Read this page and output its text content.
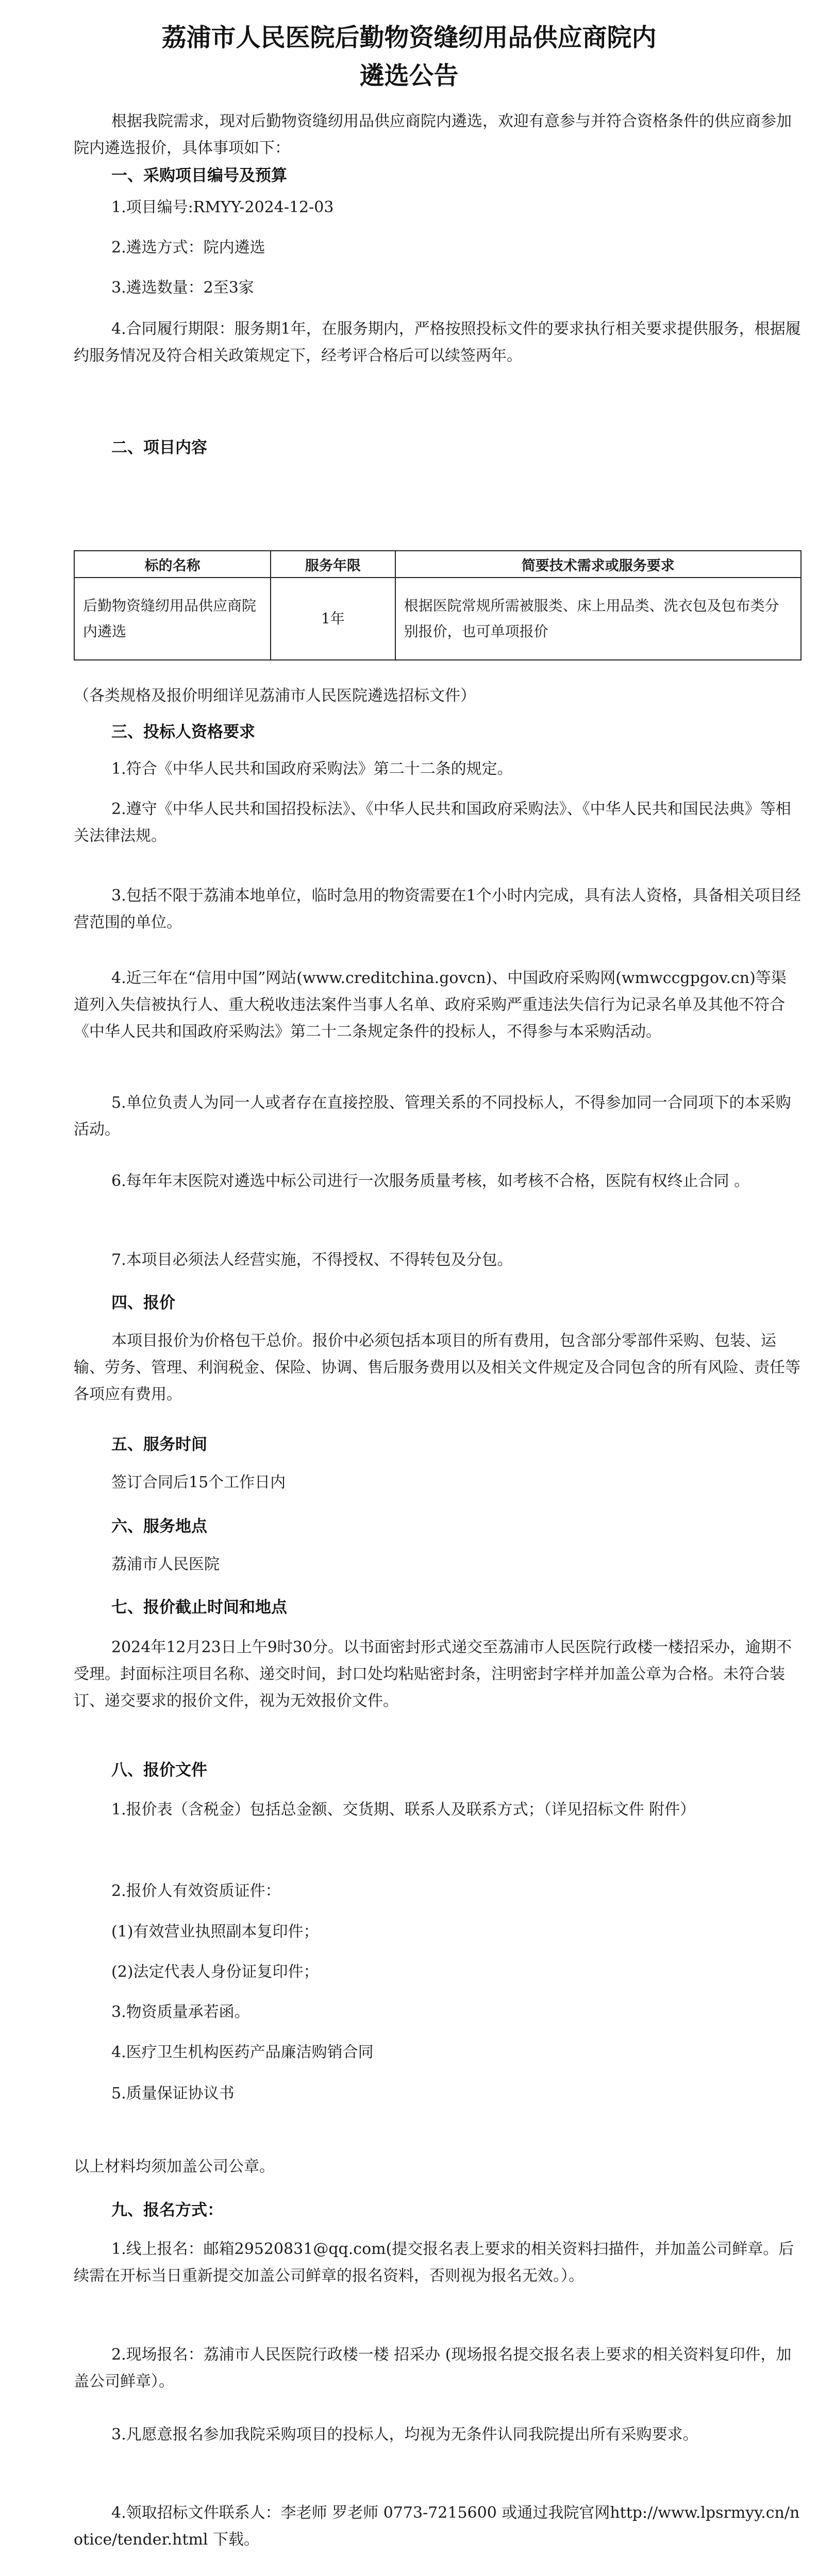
荔浦市人民医院后勤物资缝纫用品供应商院内
遴选公告
根据我院需求，现对后勤物资缝纫用品供应商院内遴选，欢迎有意参与并符合资格条件的供应商参加院内遴选报价，具体事项如下：
一、采购项目编号及预算
1.项目编号:RMYY-2024-12-03
2.遴选方式：院内遴选
3.遴选数量：2至3家
4.合同履行期限：服务期1年，在服务期内，严格按照投标文件的要求执行相关要求提供服务，根据履约服务情况及符合相关政策规定下，经考评合格后可以续签两年。
二、项目内容
标的名称	服务年限	简要技术需求或服务要求
后勤物资缝纫用品供应商院内遴选	1年	根据医院常规所需被服类、床上用品类、洗衣包及包布类分别报价，也可单项报价
（各类规格及报价明细详见荔浦市人民医院遴选招标文件）
三、投标人资格要求
1.符合《中华人民共和国政府采购法》第二十二条的规定。
2.遵守《中华人民共和国招投标法》、《中华人民共和国政府采购法》、《中华人民共和国民法典》等相关法律法规。
3.包括不限于荔浦本地单位，临时急用的物资需要在1个小时内完成，具有法人资格，具备相关项目经营范围的单位。
4.近三年在“信用中国”网站(www.creditchina.govcn)、中国政府采购网(wmwccgpgov.cn)等渠道列入失信被执行人、重大税收违法案件当事人名单、政府采购严重违法失信行为记录名单及其他不符合《中华人民共和国政府采购法》第二十二条规定条件的投标人，不得参与本采购活动。
5.单位负责人为同一人或者存在直接控股、管理关系的不同投标人，不得参加同一合同项下的本采购活动。
6.每年年末医院对遴选中标公司进行一次服务质量考核，如考核不合格，医院有权终止合同 。
7.本项目必须法人经营实施，不得授权、不得转包及分包。
四、报价
本项目报价为价格包干总价。报价中必须包括本项目的所有费用，包含部分零部件采购、包装、运输、劳务、管理、利润税金、保险、协调、售后服务费用以及相关文件规定及合同包含的所有风险、责任等各项应有费用。
五、服务时间
签订合同后15个工作日内
六、服务地点
荔浦市人民医院
七、报价截止时间和地点
2024年12月23日上午9时30分。以书面密封形式递交至荔浦市人民医院行政楼一楼招采办，逾期不受理。封面标注项目名称、递交时间，封口处均粘贴密封条，注明密封字样并加盖公章为合格。未符合装订、递交要求的报价文件，视为无效报价文件。
八、报价文件
1.报价表（含税金）包括总金额、交货期、联系人及联系方式；（详见招标文件 附件）
2.报价人有效资质证件：
(1)有效营业执照副本复印件；
(2)法定代表人身份证复印件；
3.物资质量承若函。
4.医疗卫生机构医药产品廉洁购销合同
5.质量保证协议书
以上材料均须加盖公司公章。
九、报名方式：
1.线上报名：邮箱29520831@qq.com(提交报名表上要求的相关资料扫描件，并加盖公司鲜章。后续需在开标当日重新提交加盖公司鲜章的报名资料，否则视为报名无效。）。
2.现场报名：荔浦市人民医院行政楼一楼 招采办 (现场报名提交报名表上要求的相关资料复印件，加盖公司鲜章）。
3.凡愿意报名参加我院采购项目的投标人，均视为无条件认同我院提出所有采购要求。
4.领取招标文件联系人：李老师 罗老师 0773-7215600 或通过我院官网http://www.lpsrmyy.cn/notice/tender.html 下载。
